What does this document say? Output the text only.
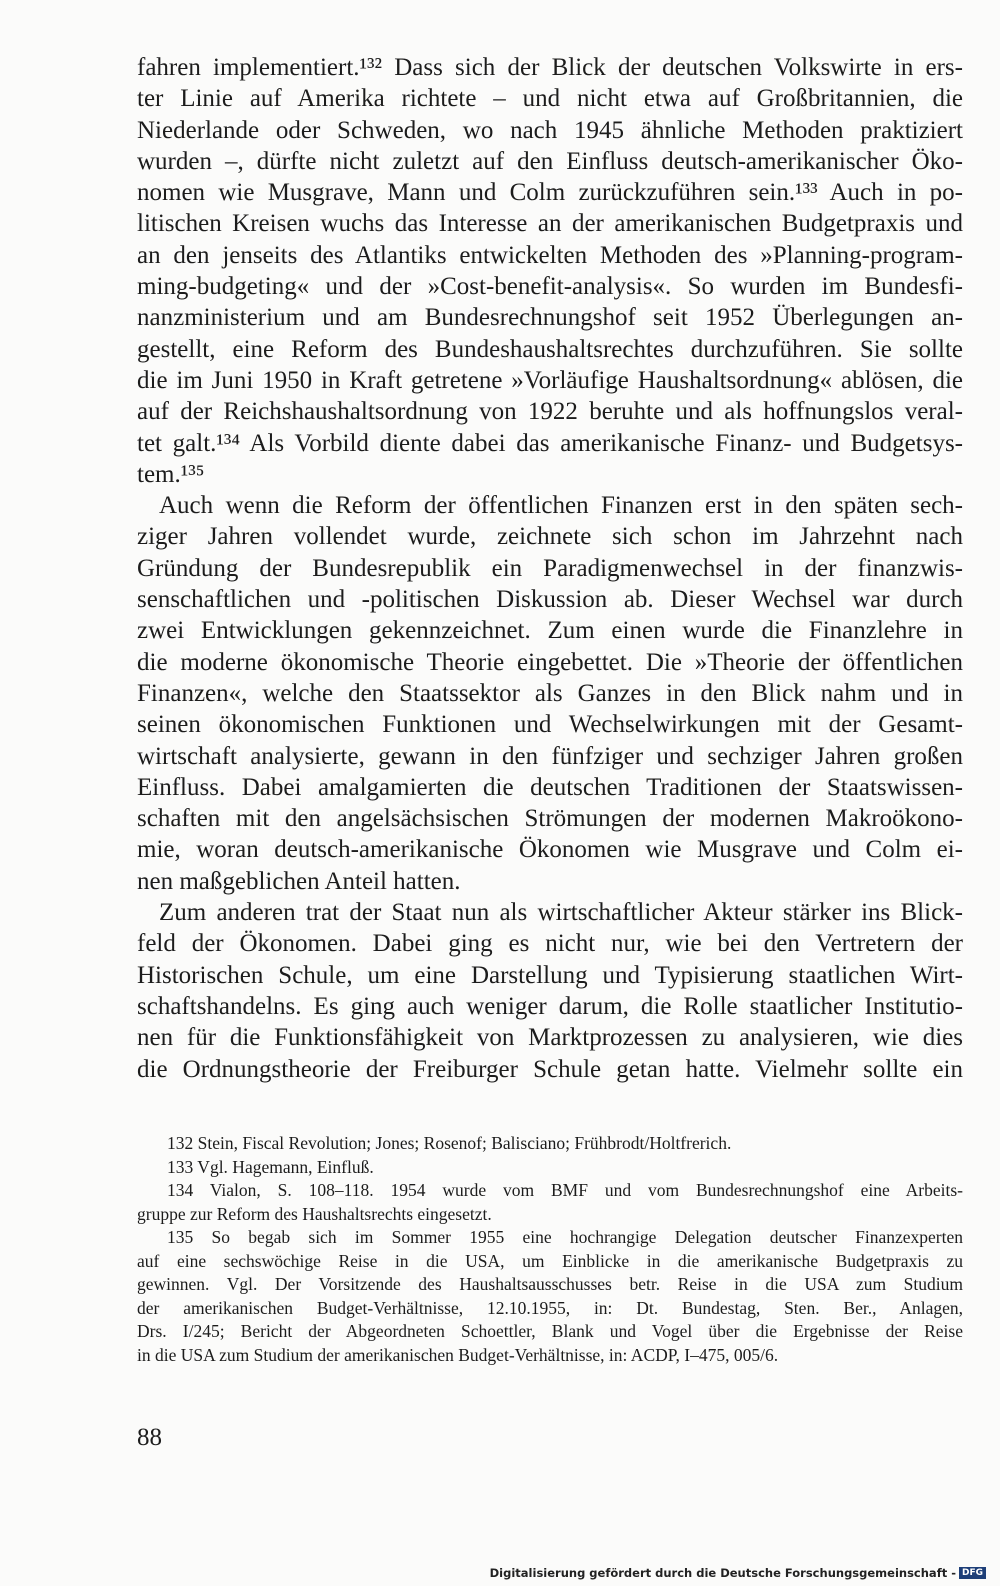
fahren implementiert.¹³² Dass sich der Blick der deutschen Volkswirte in ers-
ter Linie auf Amerika richtete – und nicht etwa auf Großbritannien, die
Niederlande oder Schweden, wo nach 1945 ähnliche Methoden praktiziert
wurden –, dürfte nicht zuletzt auf den Einfluss deutsch-amerikanischer Öko-
nomen wie Musgrave, Mann und Colm zurückzuführen sein.¹³³ Auch in po-
litischen Kreisen wuchs das Interesse an der amerikanischen Budgetpraxis und
an den jenseits des Atlantiks entwickelten Methoden des »Planning-program-
ming-budgeting« und der »Cost-benefit-analysis«. So wurden im Bundesfi-
nanzministerium und am Bundesrechnungshof seit 1952 Überlegungen an-
gestellt, eine Reform des Bundeshaushaltsrechtes durchzuführen. Sie sollte
die im Juni 1950 in Kraft getretene »Vorläufige Haushaltsordnung« ablösen, die
auf der Reichshaushaltsordnung von 1922 beruhte und als hoffnungslos veral-
tet galt.¹³⁴ Als Vorbild diente dabei das amerikanische Finanz- und Budgetsys-
tem.¹³⁵
Auch wenn die Reform der öffentlichen Finanzen erst in den späten sech-
ziger Jahren vollendet wurde, zeichnete sich schon im Jahrzehnt nach
Gründung der Bundesrepublik ein Paradigmenwechsel in der finanzwis-
senschaftlichen und -politischen Diskussion ab. Dieser Wechsel war durch
zwei Entwicklungen gekennzeichnet. Zum einen wurde die Finanzlehre in
die moderne ökonomische Theorie eingebettet. Die »Theorie der öffentlichen
Finanzen«, welche den Staatssektor als Ganzes in den Blick nahm und in
seinen ökonomischen Funktionen und Wechselwirkungen mit der Gesamt-
wirtschaft analysierte, gewann in den fünfziger und sechziger Jahren großen
Einfluss. Dabei amalgamierten die deutschen Traditionen der Staatswissen-
schaften mit den angelsächsischen Strömungen der modernen Makroökono-
mie, woran deutsch-amerikanische Ökonomen wie Musgrave und Colm ei-
nen maßgeblichen Anteil hatten.
Zum anderen trat der Staat nun als wirtschaftlicher Akteur stärker ins Blick-
feld der Ökonomen. Dabei ging es nicht nur, wie bei den Vertretern der
Historischen Schule, um eine Darstellung und Typisierung staatlichen Wirt-
schaftshandelns. Es ging auch weniger darum, die Rolle staatlicher Institutio-
nen für die Funktionsfähigkeit von Marktprozessen zu analysieren, wie dies
die Ordnungstheorie der Freiburger Schule getan hatte. Vielmehr sollte ein
132 Stein, Fiscal Revolution; Jones; Rosenof; Balisciano; Frühbrodt/Holtfrerich.
133 Vgl. Hagemann, Einfluß.
134 Vialon, S. 108–118. 1954 wurde vom BMF und vom Bundesrechnungshof eine Arbeits-
gruppe zur Reform des Haushaltsrechts eingesetzt.
135 So begab sich im Sommer 1955 eine hochrangige Delegation deutscher Finanzexperten
auf eine sechswöchige Reise in die USA, um Einblicke in die amerikanische Budgetpraxis zu
gewinnen. Vgl. Der Vorsitzende des Haushaltsausschusses betr. Reise in die USA zum Studium
der amerikanischen Budget-Verhältnisse, 12.10.1955, in: Dt. Bundestag, Sten. Ber., Anlagen,
Drs. I/245; Bericht der Abgeordneten Schoettler, Blank und Vogel über die Ergebnisse der Reise
in die USA zum Studium der amerikanischen Budget-Verhältnisse, in: ACDP, I–475, 005/6.
88
Digitalisierung gefördert durch die Deutsche Forschungsgemeinschaft - DFG
